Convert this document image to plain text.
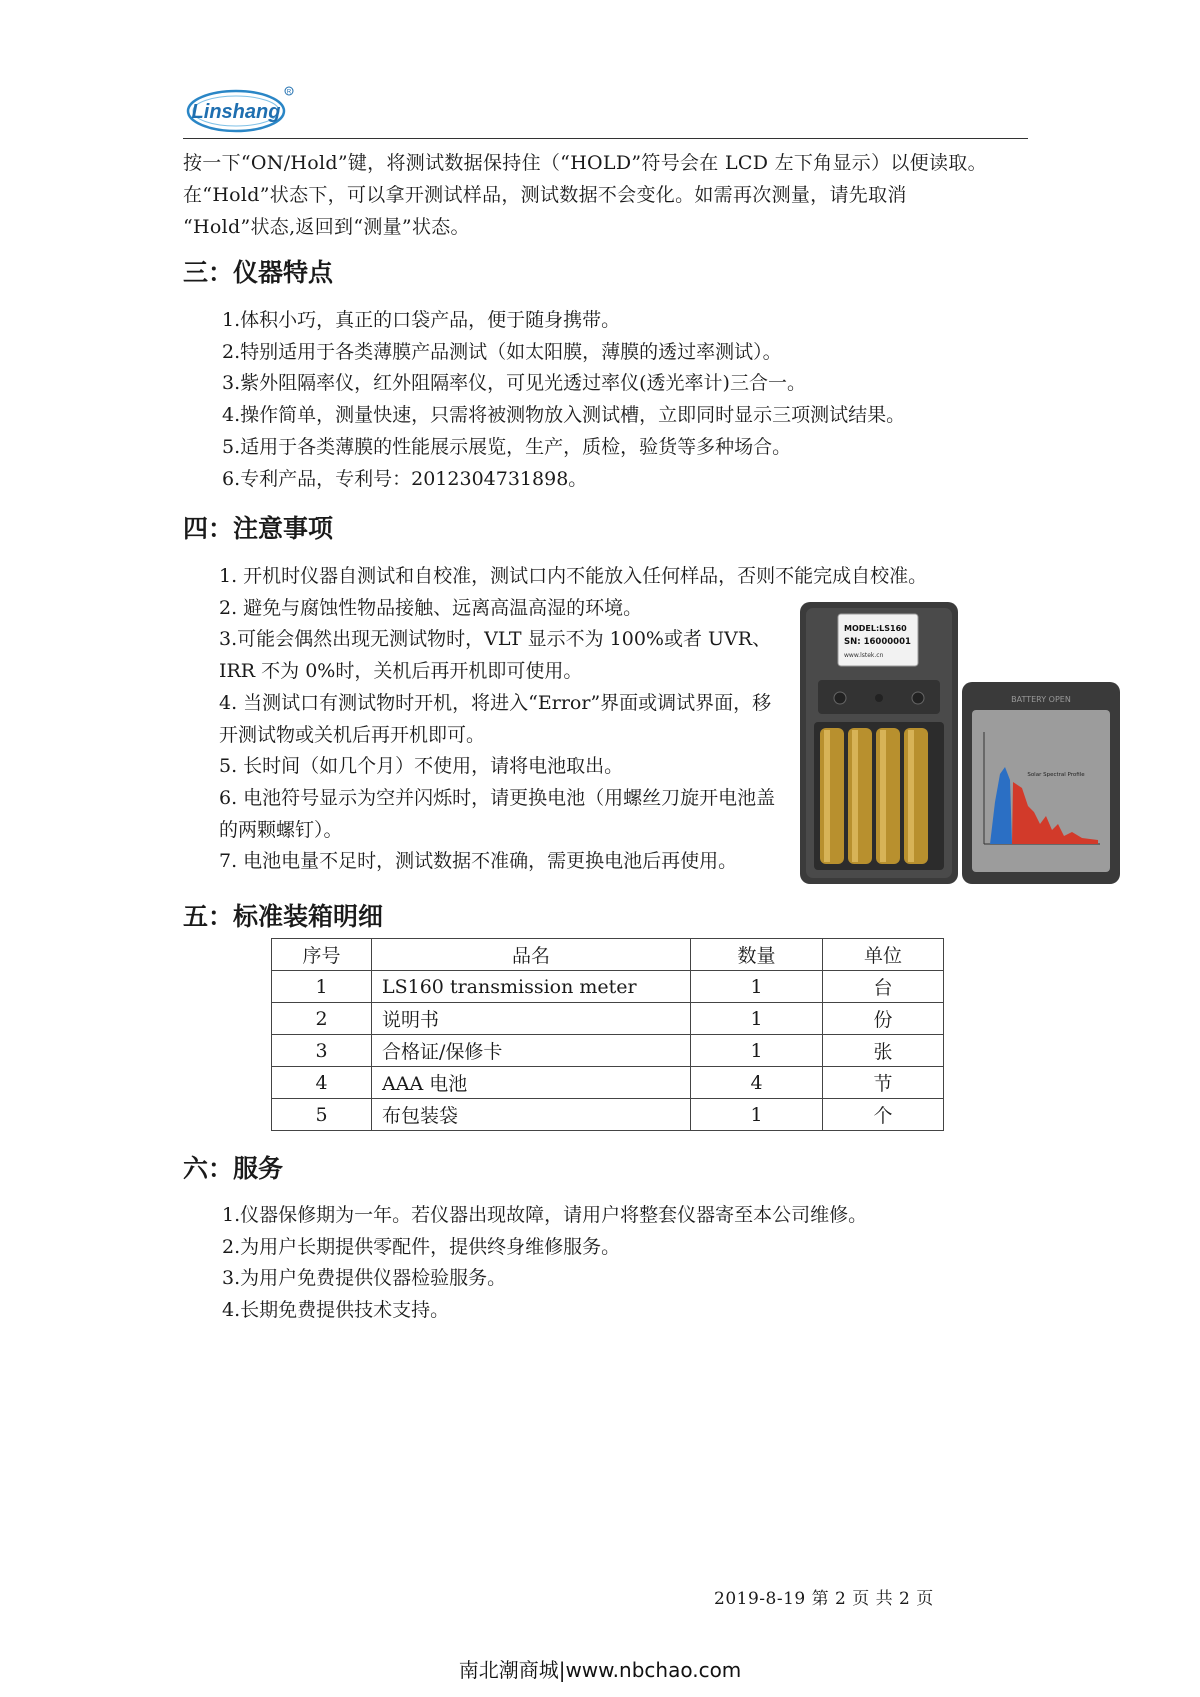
Linshang
R

按一下“ON/Hold”键，将测试数据保持住（“HOLD”符号会在 LCD 左下角显示）以便读取。

在“Hold”状态下，可以拿开测试样品，测试数据不会变化。如需再次测量，请先取消

“Hold”状态,返回到“测量”状态。

三：仪器特点
1.体积小巧，真正的口袋产品，便于随身携带。
2.特别适用于各类薄膜产品测试（如太阳膜，薄膜的透过率测试）。
3.紫外阻隔率仪，红外阻隔率仪，可见光透过率仪(透光率计)三合一。
4.操作简单，测量快速，只需将被测物放入测试槽，立即同时显示三项测试结果。
5.适用于各类薄膜的性能展示展览，生产，质检，验货等多种场合。
6.专利产品，专利号：2012304731898。
四：注意事项
1. 开机时仪器自测试和自校准，测试口内不能放入任何样品，否则不能完成自校准。
2. 避免与腐蚀性物品接触、远离高温高湿的环境。
3.可能会偶然出现无测试物时，VLT 显示不为 100%或者 UVR、IRR 不为 0%时，关机后再开机即可使用。
4. 当测试口有测试物时开机，将进入“Error”界面或调试界面，移开测试物或关机后再开机即可。
5. 长时间（如几个月）不使用，请将电池取出。
6. 电池符号显示为空并闪烁时，请更换电池（用螺丝刀旋开电池盖的两颗螺钉）。
7. 电池电量不足时，测试数据不准确，需更换电池后再使用。
MODEL:LS160
SN: 16000001
www.lstek.cn
BATTERY OPEN
Solar Spectral Profile
五：标准装箱明细
序号	品名	数量	单位
1	LS160 transmission meter	1	台
2	说明书	1	份
3	合格证/保修卡	1	张
4	AAA 电池	4	节
5	布包装袋	1	个
六：服务
1.仪器保修期为一年。若仪器出现故障，请用户将整套仪器寄至本公司维修。
2.为用户长期提供零配件，提供终身维修服务。
3.为用户免费提供仪器检验服务。
4.长期免费提供技术支持。
2019-8-19 第 2 页 共 2 页
南北潮商城|www.nbchao.com
